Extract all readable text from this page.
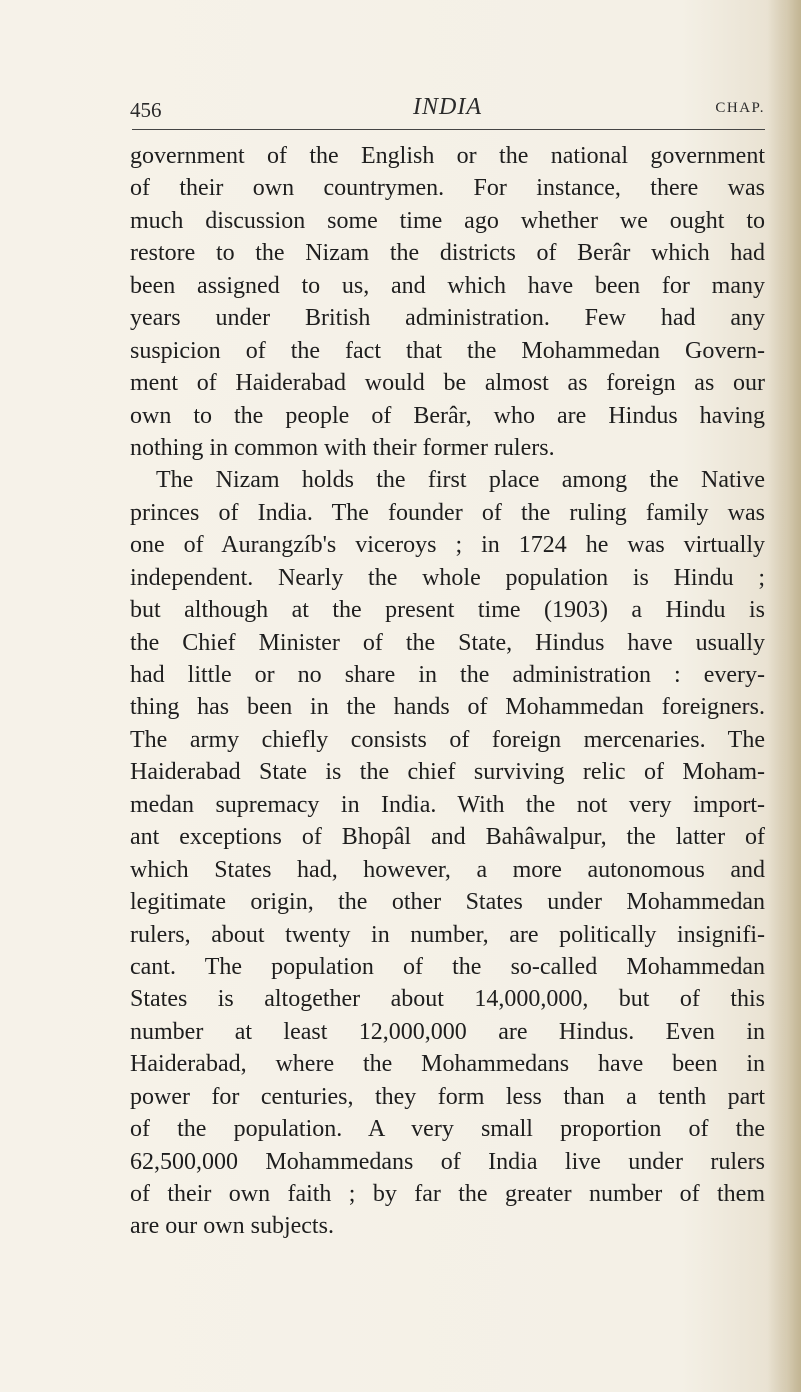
456	INDIA	CHAP.
government of the English or the national government
of their own countrymen. For instance, there was
much discussion some time ago whether we ought to
restore to the Nizam the districts of Berâr which had
been assigned to us, and which have been for many
years under British administration. Few had any
suspicion of the fact that the Mohammedan Govern-
ment of Haiderabad would be almost as foreign as our
own to the people of Berâr, who are Hindus having
nothing in common with their former rulers.
The Nizam holds the first place among the Native
princes of India. The founder of the ruling family was
one of Aurangzíb's viceroys ; in 1724 he was virtually
independent. Nearly the whole population is Hindu ;
but although at the present time (1903) a Hindu is
the Chief Minister of the State, Hindus have usually
had little or no share in the administration : every-
thing has been in the hands of Mohammedan foreigners.
The army chiefly consists of foreign mercenaries. The
Haiderabad State is the chief surviving relic of Moham-
medan supremacy in India. With the not very import-
ant exceptions of Bhopâl and Bahâwalpur, the latter of
which States had, however, a more autonomous and
legitimate origin, the other States under Mohammedan
rulers, about twenty in number, are politically insignifi-
cant. The population of the so-called Mohammedan
States is altogether about 14,000,000, but of this
number at least 12,000,000 are Hindus. Even in
Haiderabad, where the Mohammedans have been in
power for centuries, they form less than a tenth part
of the population. A very small proportion of the
62,500,000 Mohammedans of India live under rulers
of their own faith ; by far the greater number of them
are our own subjects.
